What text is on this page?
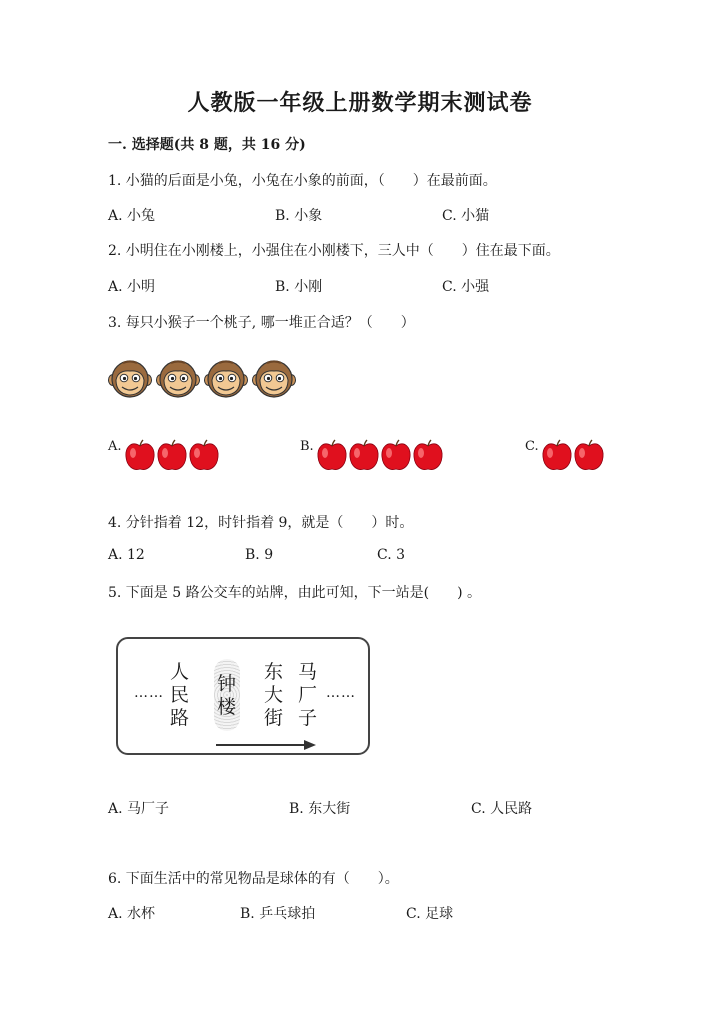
人教版一年级上册数学期末测试卷
一. 选择题(共 8 题，共 16 分)
1. 小猫的后面是小兔，小兔在小象的前面，（　　）在最前面。
A. 小兔	B. 小象	C. 小猫
2. 小明住在小刚楼上，小强住在小刚楼下，三人中（　　）住在最下面。
A. 小明	B. 小刚	C. 小强
3. 每只小猴子一个桃子, 哪一堆正合适？（　　）
A.	B.	C.
4. 分针指着 12，时针指着 9，就是（　　）时。
A. 12	B. 9	C. 3
5. 下面是 5 路公交车的站牌，由此可知，下一站是(　　) 。
……
人
民
路
钟
楼
东
大
街
马
厂
子
……
A. 马厂子	B. 东大街	C. 人民路
6. 下面生活中的常见物品是球体的有（　　）。
A. 水杯	B. 乒乓球拍	C. 足球
